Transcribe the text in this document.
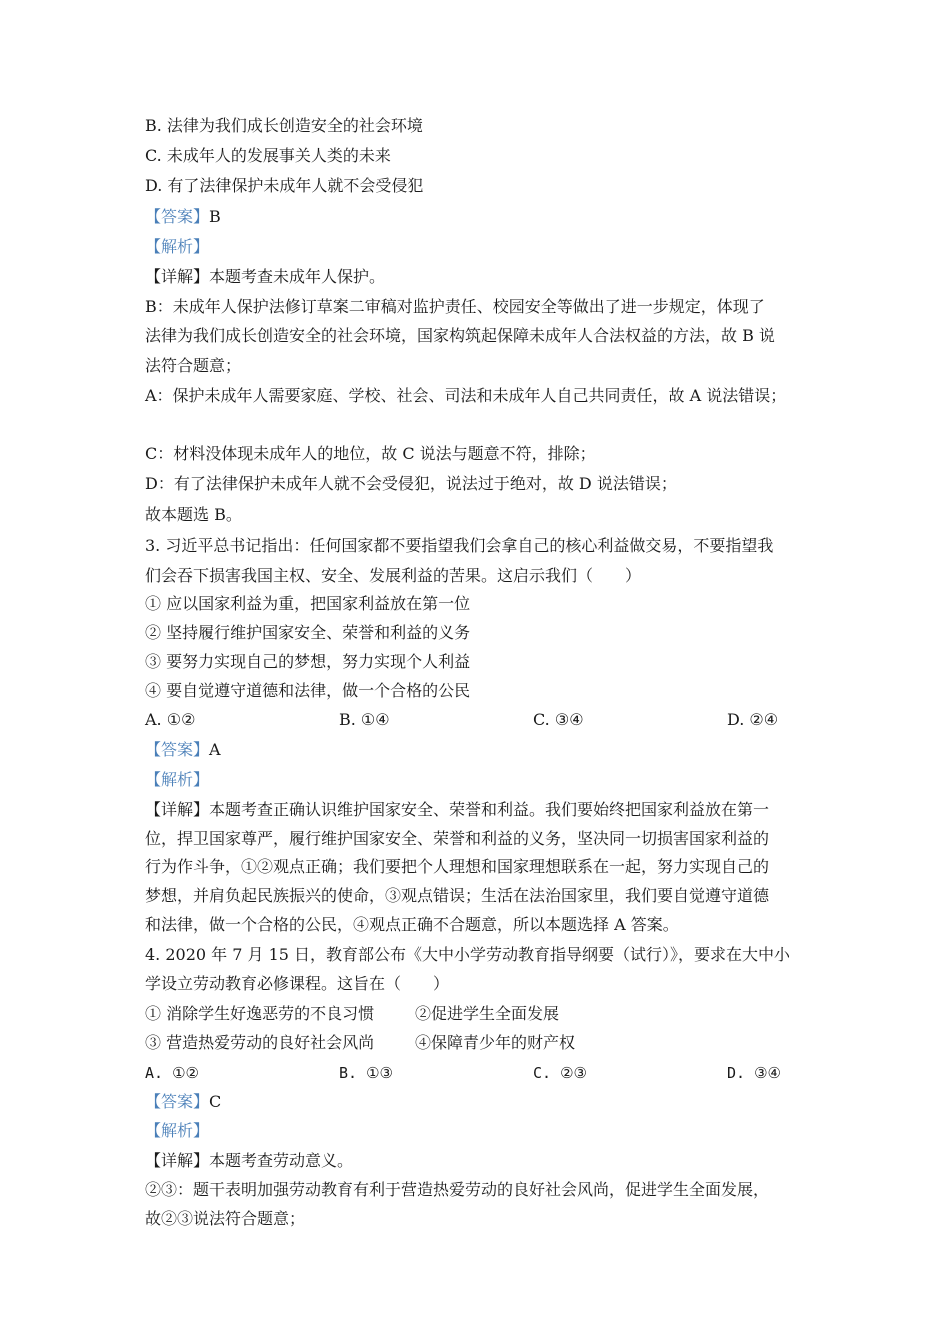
B. 法律为我们成长创造安全的社会环境
C. 未成年人的发展事关人类的未来
D. 有了法律保护未成年人就不会受侵犯
【答案】B
【解析】
【详解】本题考查未成年人保护。
B：未成年人保护法修订草案二审稿对监护责任、校园安全等做出了进一步规定，体现了
法律为我们成长创造安全的社会环境，国家构筑起保障未成年人合法权益的方法，故 B 说
法符合题意；
A：保护未成年人需要家庭、学校、社会、司法和未成年人自己共同责任，故 A 说法错误；
C：材料没体现未成年人的地位，故 C 说法与题意不符，排除；
D：有了法律保护未成年人就不会受侵犯，说法过于绝对，故 D 说法错误；
故本题选 B。
3. 习近平总书记指出：任何国家都不要指望我们会拿自己的核心利益做交易，不要指望我
们会吞下损害我国主权、安全、发展利益的苦果。这启示我们（　　）
① 应以国家利益为重，把国家利益放在第一位
② 坚持履行维护国家安全、荣誉和利益的义务
③ 要努力实现自己的梦想，努力实现个人利益
④ 要自觉遵守道德和法律，做一个合格的公民
A. ①②	B. ①④	C. ③④	D. ②④
【答案】A
【解析】
【详解】本题考查正确认识维护国家安全、荣誉和利益。我们要始终把国家利益放在第一
位，捍卫国家尊严，履行维护国家安全、荣誉和利益的义务，坚决同一切损害国家利益的
行为作斗争，①②观点正确；我们要把个人理想和国家理想联系在一起，努力实现自己的
梦想，并肩负起民族振兴的使命，③观点错误；生活在法治国家里，我们要自觉遵守道德
和法律，做一个合格的公民，④观点正确不合题意，所以本题选择 A 答案。
4. 2020 年 7 月 15 日，教育部公布《大中小学劳动教育指导纲要（试行）》，要求在大中小
学设立劳动教育必修课程。这旨在（　　）
① 消除学生好逸恶劳的不良习惯	②促进学生全面发展
③ 营造热爱劳动的良好社会风尚	④保障青少年的财产权
A. ①②	B. ①③	C. ②③	D. ③④
【答案】C
【解析】
【详解】本题考查劳动意义。
②③：题干表明加强劳动教育有利于营造热爱劳动的良好社会风尚，促进学生全面发展，
故②③说法符合题意；
